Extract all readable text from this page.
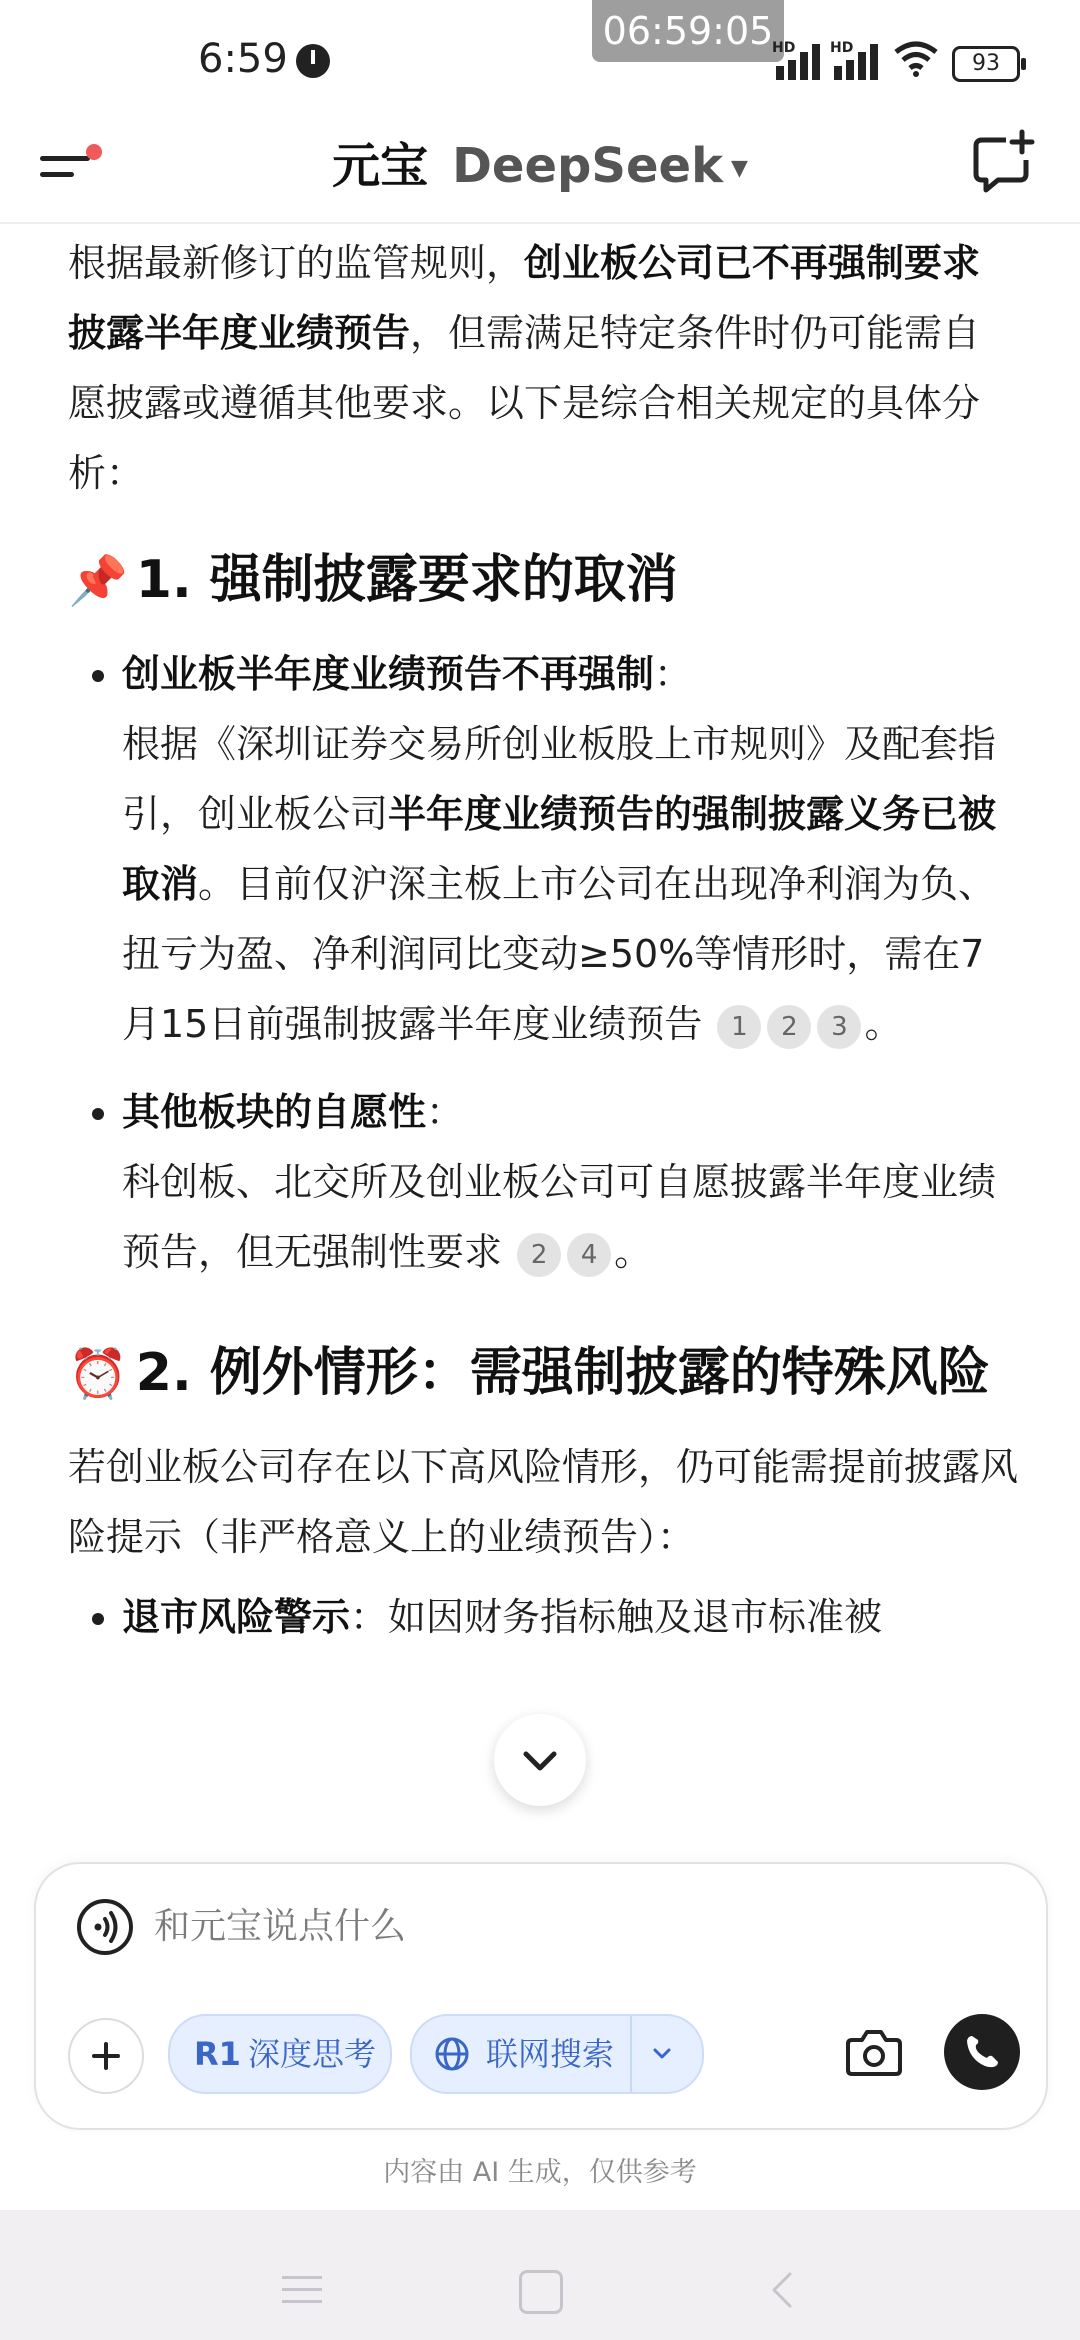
6:59
06:59:05
HD HD
93
元宝 DeepSeek ▼

根据最新修订的监管规则，创业板公司已不再强制要求披露半年度业绩预告，但需满足特定条件时仍可能需自愿披露或遵循其他要求。以下是综合相关规定的具体分析：

📌 1. 强制披露要求的取消
• 创业板半年度业绩预告不再强制：
根据《深圳证券交易所创业板股上市规则》及配套指引，创业板公司半年度业绩预告的强制披露义务已被取消。目前仅沪深主板上市公司在出现净利润为负、扭亏为盈、净利润同比变动≥50%等情形时，需在7月15日前强制披露半年度业绩预告 1 2 3 。
• 其他板块的自愿性：
科创板、北交所及创业板公司可自愿披露半年度业绩预告，但无强制性要求 2 4 。
⏰ 2. 例外情形：需强制披露的特殊风险

若创业板公司存在以下高风险情形，仍可能需提前披露风险提示（非严格意义上的业绩预告）：

• 退市风险警示：如因财务指标触及退市标准被
和元宝说点什么
R1 深度思考	联网搜索
内容由 AI 生成，仅供参考
